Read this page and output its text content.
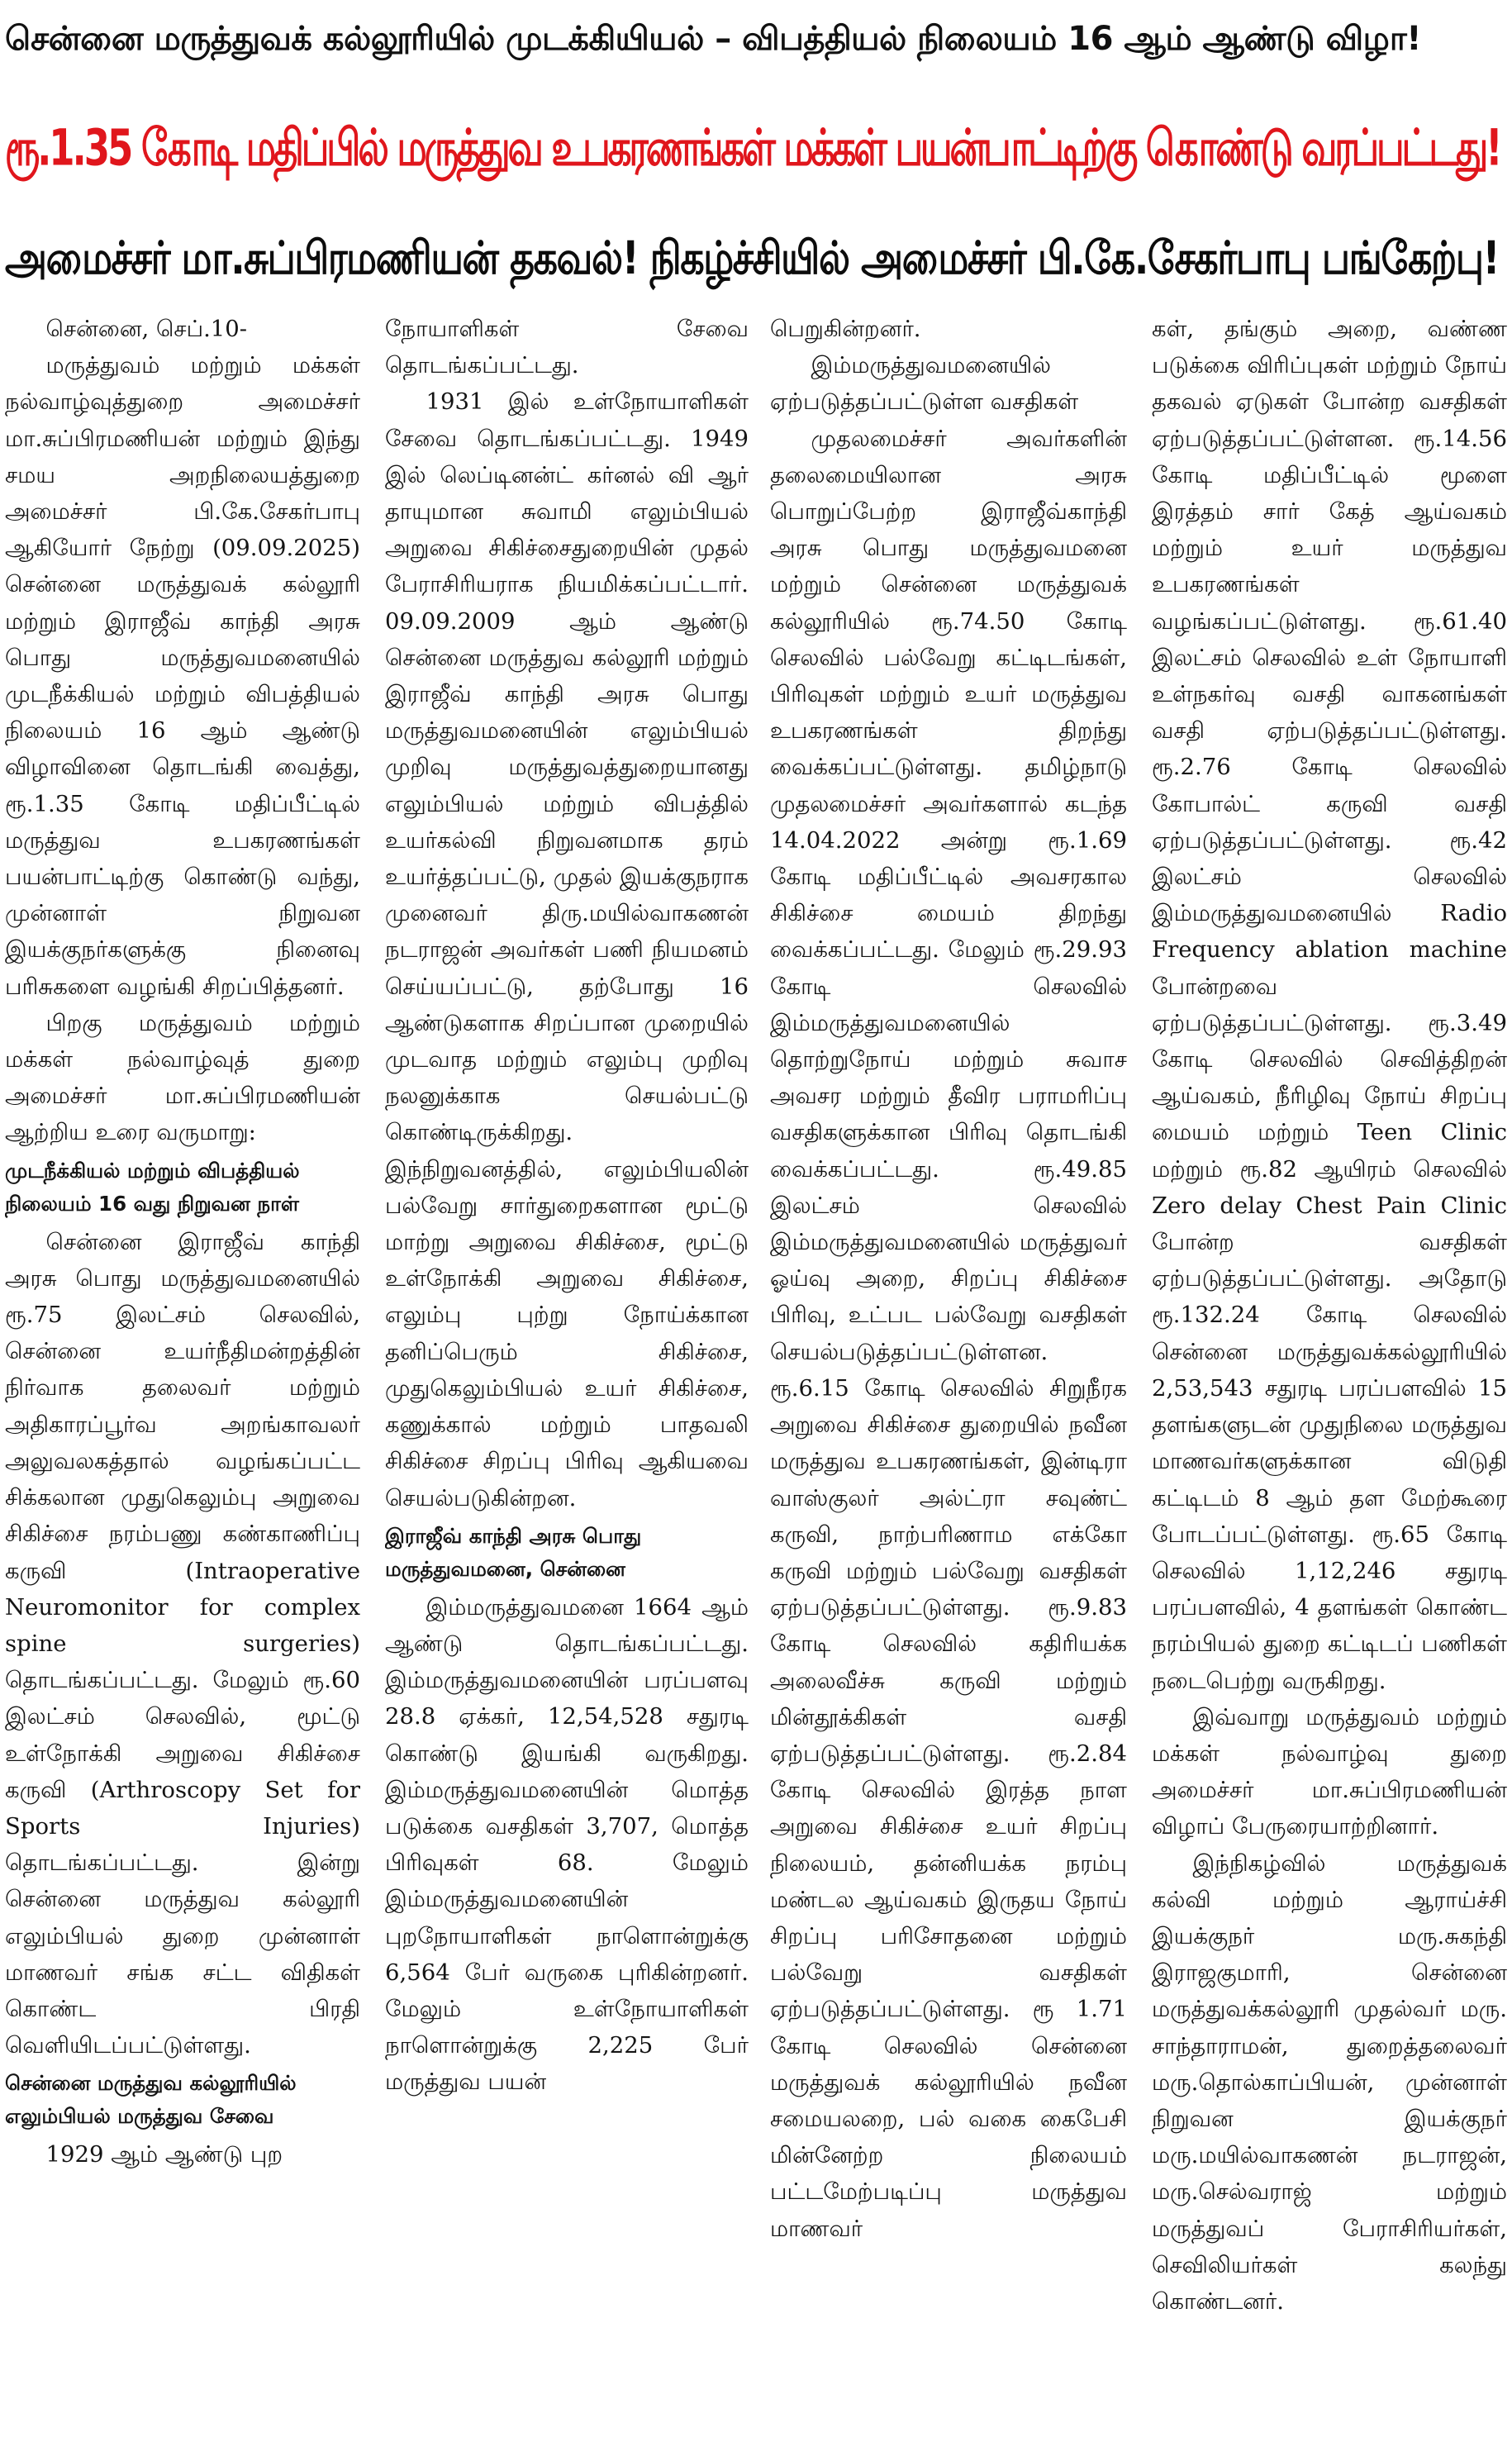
சென்னை மருத்துவக் கல்லூரியில் முடக்கியியல் – விபத்தியல் நிலையம் 16 ஆம் ஆண்டு விழா!
ரூ.1.35 கோடி மதிப்பில் மருத்துவ உபகரணங்கள் மக்கள் பயன்பாட்டிற்கு கொண்டு வரப்பட்டது!
அமைச்சர் மா.சுப்பிரமணியன் தகவல்! நிகழ்ச்சியில் அமைச்சர் பி.கே.சேகர்பாபு பங்கேற்பு!

சென்னை, செப்.10-

மருத்துவம் மற்றும் மக்கள் நல்வாழ்வுத்துறை அமைச்சர் மா.சுப்பிரமணியன் மற்றும் இந்து சமய அறநிலையத்துறை அமைச்சர் பி.கே.சேகர்பாபு ஆகியோர் நேற்று (09.09.2025) சென்னை மருத்துவக் கல்லூரி மற்றும் இராஜீவ் காந்தி அரசு பொது மருத்துவமனையில் முடநீக்கியல் மற்றும் விபத்தியல் நிலையம் 16 ஆம் ஆண்டு விழாவினை தொடங்கி வைத்து, ரூ.1.35 கோடி மதிப்பீட்டில் மருத்துவ உபகரணங்கள் பயன்பாட்டிற்கு கொண்டு வந்து, முன்னாள் நிறுவன இயக்குநர்களுக்கு நினைவு பரிசுகளை வழங்கி சிறப்பித்தனர்.

பிறகு மருத்துவம் மற்றும் மக்கள் நல்வாழ்வுத் துறை அமைச்சர் மா.சுப்பிரமணியன் ஆற்றிய உரை வருமாறு:

முடநீக்கியல் மற்றும் விபத்தியல் நிலையம் 16 வது நிறுவன நாள்

சென்னை இராஜீவ் காந்தி அரசு பொது மருத்துவமனையில் ரூ.75 இலட்சம் செலவில், சென்னை உயர்நீதிமன்றத்தின் நிர்வாக தலைவர் மற்றும் அதிகாரப்பூர்வ அறங்காவலர் அலுவலகத்தால் வழங்கப்பட்ட சிக்கலான முதுகெலும்பு அறுவை சிகிச்சை நரம்பணு கண்காணிப்பு கருவி (Intraoperative Neuromonitor for complex spine surgeries) தொடங்கப்பட்டது. மேலும் ரூ.60 இலட்சம் செலவில், மூட்டு உள்நோக்கி அறுவை சிகிச்சை கருவி (Arthroscopy Set for Sports Injuries) தொடங்கப்பட்டது. இன்று சென்னை மருத்துவ கல்லூரி எலும்பியல் துறை முன்னாள் மாணவர் சங்க சட்ட விதிகள் கொண்ட பிரதி வெளியிடப்பட்டுள்ளது.

சென்னை மருத்துவ கல்லூரியில் எலும்பியல் மருத்துவ சேவை

1929 ஆம் ஆண்டு புற

நோயாளிகள் சேவை தொடங்கப்பட்டது.

1931 இல் உள்நோயாளிகள் சேவை தொடங்கப்பட்டது. 1949 இல் லெப்டினன்ட் கர்னல் வி ஆர் தாயுமான சுவாமி எலும்பியல் அறுவை சிகிச்சைதுறையின் முதல் பேராசிரியராக நியமிக்கப்பட்டார். 09.09.2009 ஆம் ஆண்டு சென்னை மருத்துவ கல்லூரி மற்றும் இராஜீவ் காந்தி அரசு பொது மருத்துவமனையின் எலும்பியல் முறிவு மருத்துவத்துறையானது எலும்பியல் மற்றும் விபத்தில் உயர்கல்வி நிறுவனமாக தரம் உயர்த்தப்பட்டு, முதல் இயக்குநராக முனைவர் திரு.மயில்வாகணன் நடராஜன் அவர்கள் பணி நியமனம் செய்யப்பட்டு, தற்போது 16 ஆண்டுகளாக சிறப்பான முறையில் முடவாத மற்றும் எலும்பு முறிவு நலனுக்காக செயல்பட்டு கொண்டிருக்கிறது. இந்நிறுவனத்தில், எலும்பியலின் பல்வேறு சார்துறைகளான மூட்டு மாற்று அறுவை சிகிச்சை, மூட்டு உள்நோக்கி அறுவை சிகிச்சை, எலும்பு புற்று நோய்க்கான தனிப்பெரும் சிகிச்சை, முதுகெலும்பியல் உயர் சிகிச்சை, கணுக்கால் மற்றும் பாதவலி சிகிச்சை சிறப்பு பிரிவு ஆகியவை செயல்படுகின்றன.

இராஜீவ் காந்தி அரசு பொது மருத்துவமனை, சென்னை

இம்மருத்துவமனை 1664 ஆம் ஆண்டு தொடங்கப்பட்டது. இம்மருத்துவமனையின் பரப்பளவு 28.8 ஏக்கர், 12,54,528 சதுரடி கொண்டு இயங்கி வருகிறது. இம்மருத்துவமனையின் மொத்த படுக்கை வசதிகள் 3,707, மொத்த பிரிவுகள் 68. மேலும் இம்மருத்துவமனையின் புறநோயாளிகள் நாளொன்றுக்கு 6,564 பேர் வருகை புரிகின்றனர். மேலும் உள்நோயாளிகள் நாளொன்றுக்கு 2,225 பேர் மருத்துவ பயன்

பெறுகின்றனர்.

இம்மருத்துவமனையில் ஏற்படுத்தப்பட்டுள்ள வசதிகள்

முதலமைச்சர் அவர்களின் தலைமையிலான அரசு பொறுப்பேற்ற இராஜீவ்காந்தி அரசு பொது மருத்துவமனை மற்றும் சென்னை மருத்துவக் கல்லூரியில் ரூ.74.50 கோடி செலவில் பல்வேறு கட்டிடங்கள், பிரிவுகள் மற்றும் உயர் மருத்துவ உபகரணங்கள் திறந்து வைக்கப்பட்டுள்ளது. தமிழ்நாடு முதலமைச்சர் அவர்களால் கடந்த 14.04.2022 அன்று ரூ.1.69 கோடி மதிப்பீட்டில் அவசரகால சிகிச்சை மையம் திறந்து வைக்கப்பட்டது. மேலும் ரூ.29.93 கோடி செலவில் இம்மருத்துவமனையில் தொற்றுநோய் மற்றும் சுவாச அவசர மற்றும் தீவிர பராமரிப்பு வசதிகளுக்கான பிரிவு தொடங்கி வைக்கப்பட்டது. ரூ.49.85 இலட்சம் செலவில் இம்மருத்துவமனையில் மருத்துவர் ஓய்வு அறை, சிறப்பு சிகிச்சை பிரிவு, உட்பட பல்வேறு வசதிகள் செயல்படுத்தப்பட்டுள்ளன. ரூ.6.15 கோடி செலவில் சிறுநீரக அறுவை சிகிச்சை துறையில் நவீன மருத்துவ உபகரணங்கள், இன்டிரா வாஸ்குலர் அல்ட்ரா சவுண்ட் கருவி, நாற்பரிணாம எக்கோ கருவி மற்றும் பல்வேறு வசதிகள் ஏற்படுத்தப்பட்டுள்ளது. ரூ.9.83 கோடி செலவில் கதிரியக்க அலைவீச்சு கருவி மற்றும் மின்தூக்கிகள் வசதி ஏற்படுத்தப்பட்டுள்ளது. ரூ.2.84 கோடி செலவில் இரத்த நாள அறுவை சிகிச்சை உயர் சிறப்பு நிலையம், தன்னியக்க நரம்பு மண்டல ஆய்வகம் இருதய நோய் சிறப்பு பரிசோதனை மற்றும் பல்வேறு வசதிகள் ஏற்படுத்தப்பட்டுள்ளது. ரூ 1.71 கோடி செலவில் சென்னை மருத்துவக் கல்லூரியில் நவீன சமையலறை, பல் வகை கைபேசி மின்னேற்ற நிலையம் பட்டமேற்படிப்பு மருத்துவ மாணவர்

கள், தங்கும் அறை, வண்ண படுக்கை விரிப்புகள் மற்றும் நோய் தகவல் ஏடுகள் போன்ற வசதிகள் ஏற்படுத்தப்பட்டுள்ளன. ரூ.14.56 கோடி மதிப்பீட்டில் மூளை இரத்தம் சார் கேத் ஆய்வகம் மற்றும் உயர் மருத்துவ உபகரணங்கள் வழங்கப்பட்டுள்ளது. ரூ.61.40 இலட்சம் செலவில் உள் நோயாளி உள்நகர்வு வசதி வாகனங்கள் வசதி ஏற்படுத்தப்பட்டுள்ளது. ரூ.2.76 கோடி செலவில் கோபால்ட் கருவி வசதி ஏற்படுத்தப்பட்டுள்ளது. ரூ.42 இலட்சம் செலவில் இம்மருத்துவமனையில் Radio Frequency ablation machine போன்றவை ஏற்படுத்தப்பட்டுள்ளது. ரூ.3.49 கோடி செலவில் செவித்திறன் ஆய்வகம், நீரிழிவு நோய் சிறப்பு மையம் மற்றும் Teen Clinic மற்றும் ரூ.82 ஆயிரம் செலவில் Zero delay Chest Pain Clinic போன்ற வசதிகள் ஏற்படுத்தப்பட்டுள்ளது. அதோடு ரூ.132.24 கோடி செலவில் சென்னை மருத்துவக்கல்லூரியில் 2,53,543 சதுரடி பரப்பளவில் 15 தளங்களுடன் முதுநிலை மருத்துவ மாணவர்களுக்கான விடுதி கட்டிடம் 8 ஆம் தள மேற்கூரை போடப்பட்டுள்ளது. ரூ.65 கோடி செலவில் 1,12,246 சதுரடி பரப்பளவில், 4 தளங்கள் கொண்ட நரம்பியல் துறை கட்டிடப் பணிகள் நடைபெற்று வருகிறது.

இவ்வாறு மருத்துவம் மற்றும் மக்கள் நல்வாழ்வு துறை அமைச்சர் மா.சுப்பிரமணியன் விழாப் பேருரையாற்றினார்.

இந்நிகழ்வில் மருத்துவக் கல்வி மற்றும் ஆராய்ச்சி இயக்குநர் மரு.சுகந்தி இராஜகுமாரி, சென்னை மருத்துவக்கல்லூரி முதல்வர் மரு. சாந்தாராமன், துறைத்தலைவர் மரு.தொல்காப்பியன், முன்னாள் நிறுவன இயக்குநர் மரு.மயில்வாகணன் நடராஜன், மரு.செல்வராஜ் மற்றும் மருத்துவப் பேராசிரியர்கள், செவிலியர்கள் கலந்து கொண்டனர்.
